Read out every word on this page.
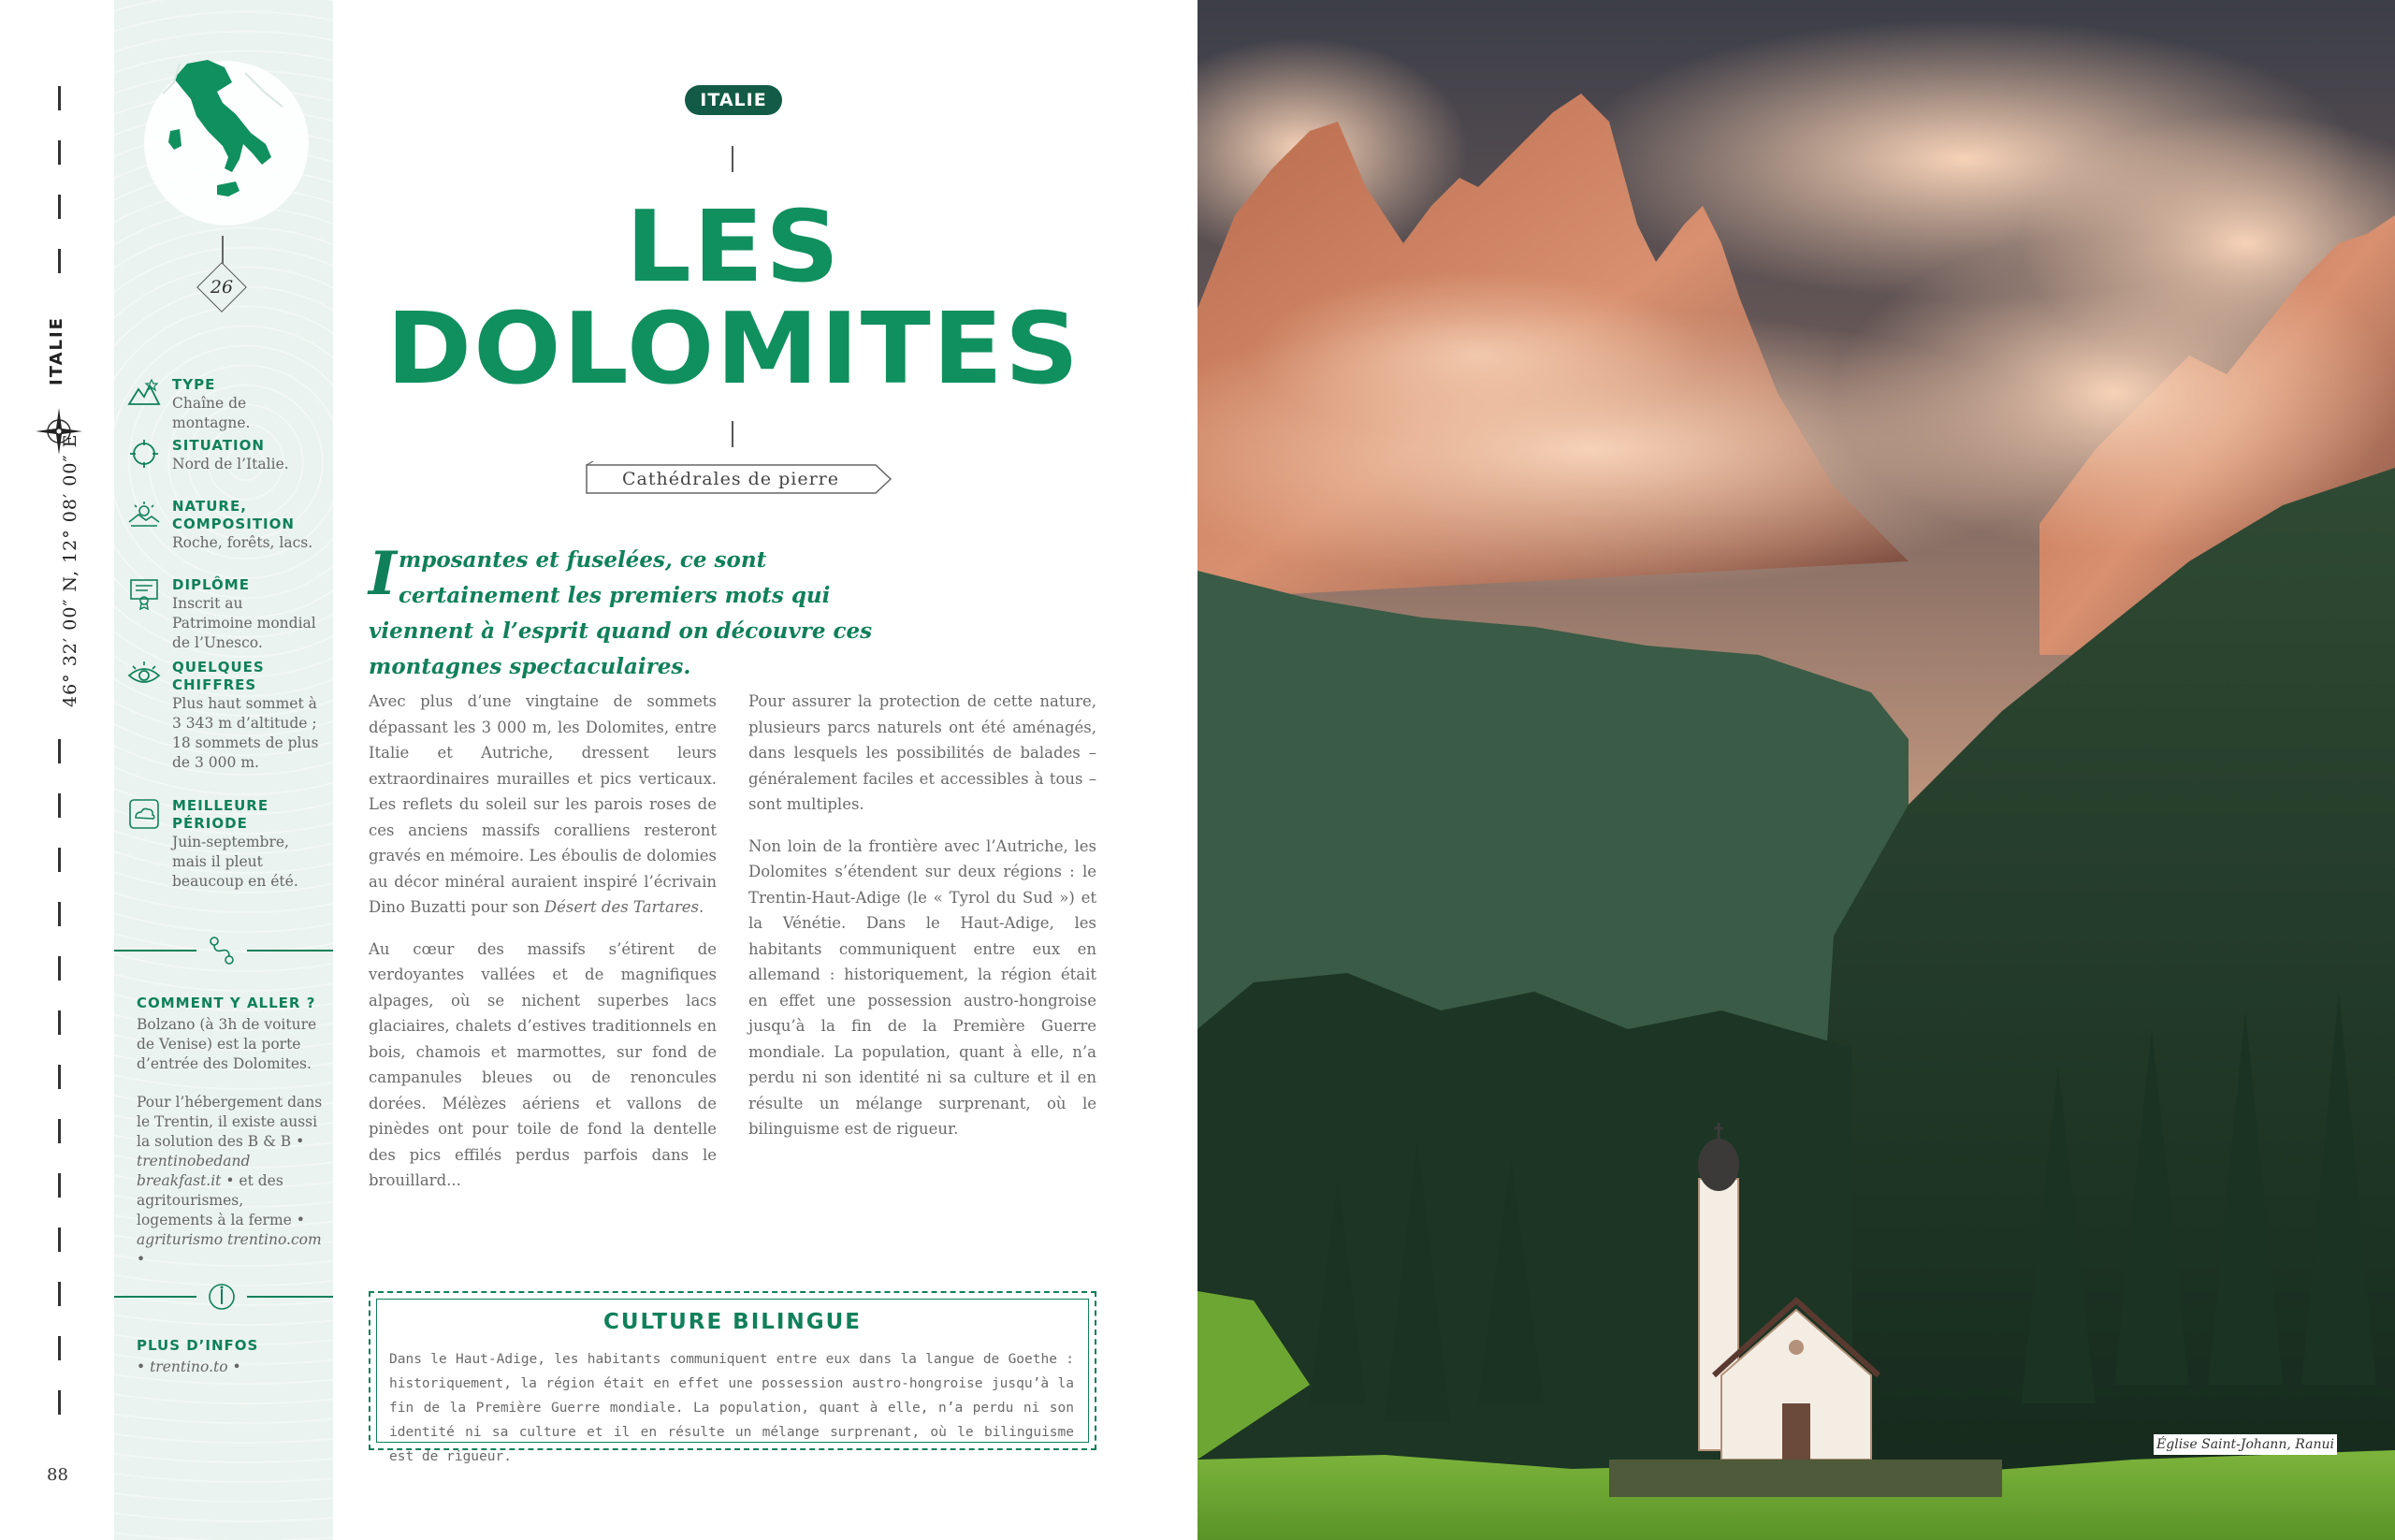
ITALIE
46° 32′ 00″ N, 12° 08′ 00″ E
88
26
TYPE
Chaîne de montagne.
SITUATION
Nord de l’Italie.
NATURE, COMPOSITION
Roche, forêts, lacs.
DIPLÔME
Inscrit au Patrimoine mondial de l’Unesco.
QUELQUES CHIFFRES
Plus haut sommet à 3 343 m d’altitude ; 18 sommets de plus de 3 000 m.
MEILLEURE PÉRIODE
Juin-septembre, mais il pleut beaucoup en été.
COMMENT Y ALLER ?

Bolzano (à 3h de voiture de Venise) est la porte d’entrée des Dolomites.

Pour l’hébergement dans le Trentin, il existe aussi la solution des B & B • trentinobedand breakfast.it • et des agritourismes, logements à la ferme • agriturismo trentino.com •

PLUS D’INFOS

• trentino.to •

ITALIE
LES
DOLOMITES
Cathédrales de pierre
Imposantes et fuselées, ce sont certainement les premiers mots qui viennent à l’esprit quand on découvre ces montagnes spectaculaires.

Avec plus d’une vingtaine de sommets dépassant les 3 000 m, les Dolomites, entre Italie et Autriche, dressent leurs extraordinaires murailles et pics verticaux. Les reflets du soleil sur les parois roses de ces anciens massifs coralliens resteront gravés en mémoire. Les éboulis de dolomies au décor minéral auraient inspiré l’écrivain Dino Buzatti pour son Désert des Tartares.

Au cœur des massifs s’étirent de verdoyantes vallées et de magnifiques alpages, où se nichent superbes lacs glaciaires, chalets d’estives traditionnels en bois, chamois et marmottes, sur fond de campanules bleues ou de renoncules dorées. Mélèzes aériens et vallons de pinèdes ont pour toile de fond la dentelle des pics effilés perdus parfois dans le brouillard...

Pour assurer la protection de cette nature, plusieurs parcs naturels ont été aménagés, dans lesquels les possibilités de balades – généralement faciles et accessibles à tous – sont multiples.

Non loin de la frontière avec l’Autriche, les Dolomites s’étendent sur deux régions : le Trentin-Haut-Adige (le « Tyrol du Sud ») et la Vénétie. Dans le Haut-Adige, les habitants communiquent entre eux en allemand : historiquement, la région était en effet une possession austro-hongroise jusqu’à la fin de la Première Guerre mondiale. La population, quant à elle, n’a perdu ni son identité ni sa culture et il en résulte un mélange surprenant, où le bilinguisme est de rigueur.

CULTURE BILINGUE
Dans le Haut-Adige, les habitants communiquent entre eux dans la langue de Goethe : historiquement, la région était en effet une possession austro-hongroise jusqu’à la fin de la Première Guerre mondiale. La population, quant à elle, n’a perdu ni son identité ni sa culture et il en résulte un mélange surprenant, où le bilinguisme est de rigueur.
Église Saint-Johann, Ranui
